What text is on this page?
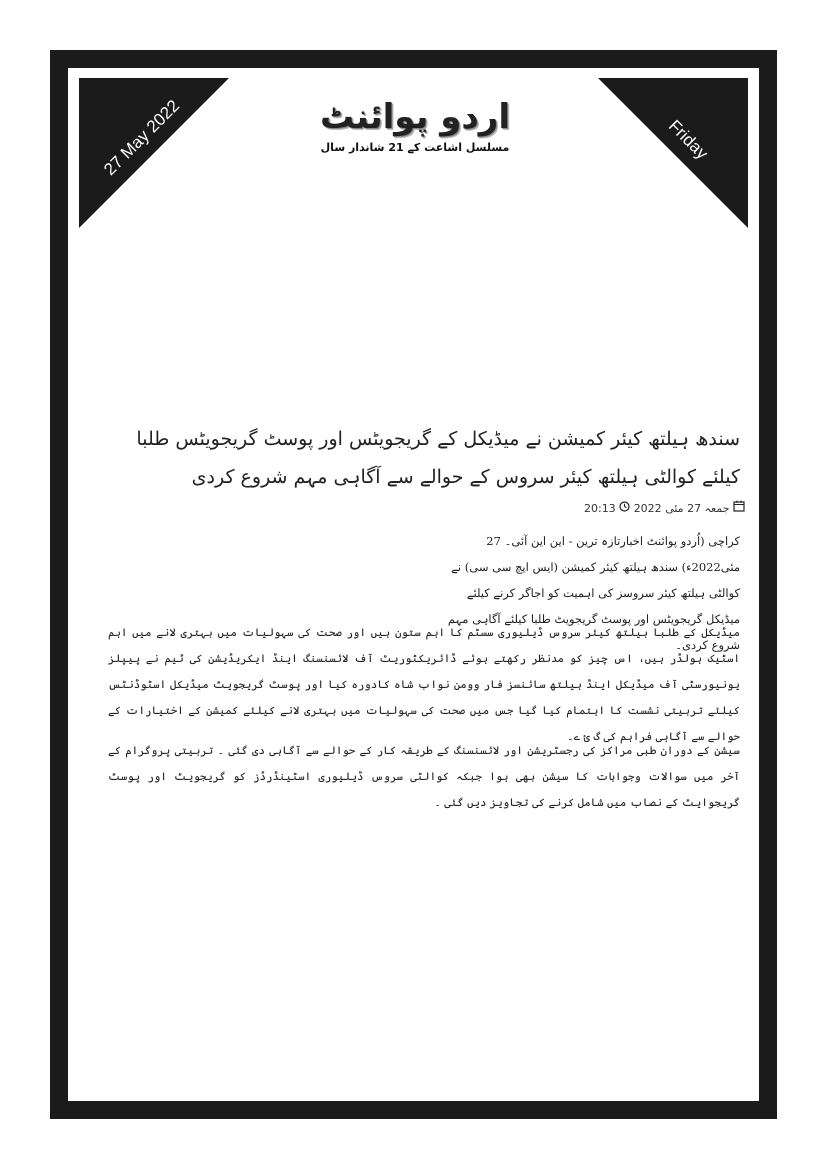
27 May 2022	Friday
اردو پوائنٹ
مسلسل اشاعت کے 21 شاندار سال
سندھ ہیلتھ کیئر کمیشن نے میڈیکل کے گریجویٹس اور پوسٹ گریجویٹس طلبا کیلئے کوالٹی ہیلتھ کیئر سروس کے حوالے سے آگاہی مہم شروع کردی
جمعہ 27 مئی 2022  20:13
کراچی (اُردو پوائنٹ اخبارتازہ ترین - این این آئی۔ 27 مئی2022ء) سندھ ہیلتھ کیئر کمیشن (ایس ایچ سی سی) نے کوالٹی ہیلتھ کیئر سروسز کی اہمیت کو اجاگر کرنے کیلئے میڈیکل گریجویٹس اور پوسٹ گریجویٹ طلبا کیلئے آگاہی مہم شروع کردی۔
میڈیکل کے طلبا ہیلتھ کیئر سروس ڈیلیوری سسٹم کا اہم ستون ہیں اور صحت کی سہولیات میں بہتری لانے میں اہم اسٹیک ہولڈر ہیں، اس چیز کو مدنظر رکھتے ہوئے ڈائریکٹوریٹ آف لائسنسنگ اینڈ ایکریڈیشن کی ٹیم نے پیپلز یونیورسٹی آف میڈیکل اینڈ ہیلتھ سائنسز فار وومن نواب شاہ کادورہ کیا اور پوسٹ گریجویٹ میڈیکل اسٹوڈنٹس کیلئے تربیتی نشست کا اہتمام کیا گیا جس میں صحت کی سہولیات میں بہتری لانے کیلئے کمیشن کے اختیارات کے حوالے سے آگاہی فراہم کی گ ئ ے۔
سیشن کے دوران طبی مراکز کی رجسٹریشن اور لائسنسنگ کے طریقہ کار کے حوالے سے آگاہی دی گئی ۔ تربیتی پروگرام کے آخر میں سوالات وجوابات کا سیشن بھی ہوا جبکہ کوالٹی سروس ڈیلیوری اسٹینڈرڈز کو گریجویٹ اور پوسٹ گریجوایٹ کے نصاب میں شامل کرنے کی تجاویز دیں گئی ۔
